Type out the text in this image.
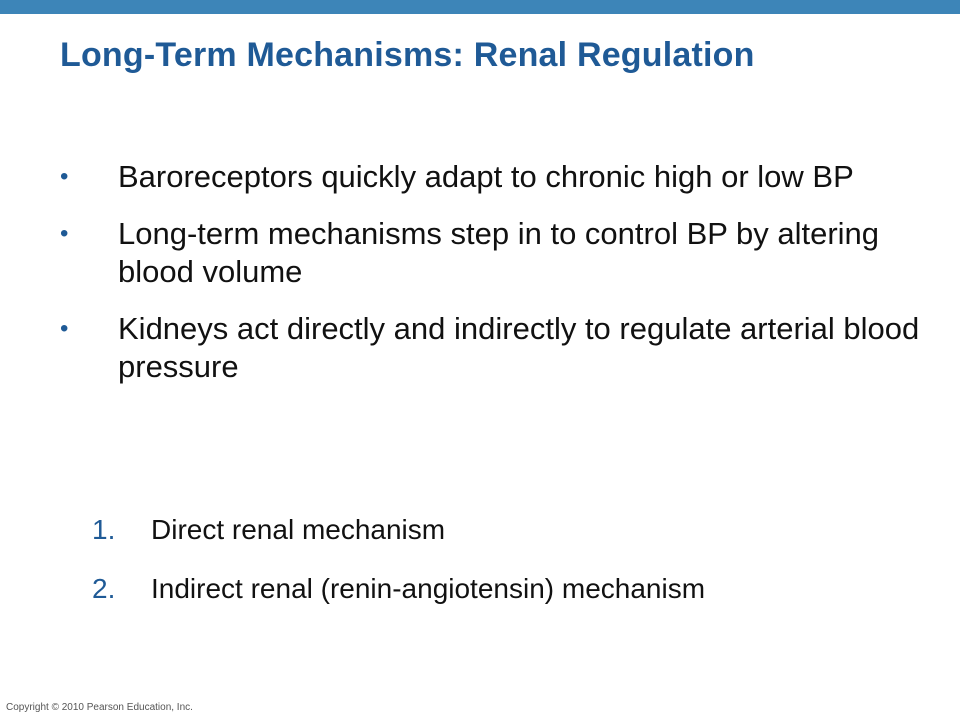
Long-Term Mechanisms: Renal Regulation
•	Baroreceptors quickly adapt to chronic high or low BP
•	Long-term mechanisms step in to control BP by altering blood volume
•	Kidneys act directly and indirectly to regulate arterial blood pressure
1. Direct renal mechanism
2. Indirect renal (renin-angiotensin) mechanism
Copyright © 2010 Pearson Education, Inc.
